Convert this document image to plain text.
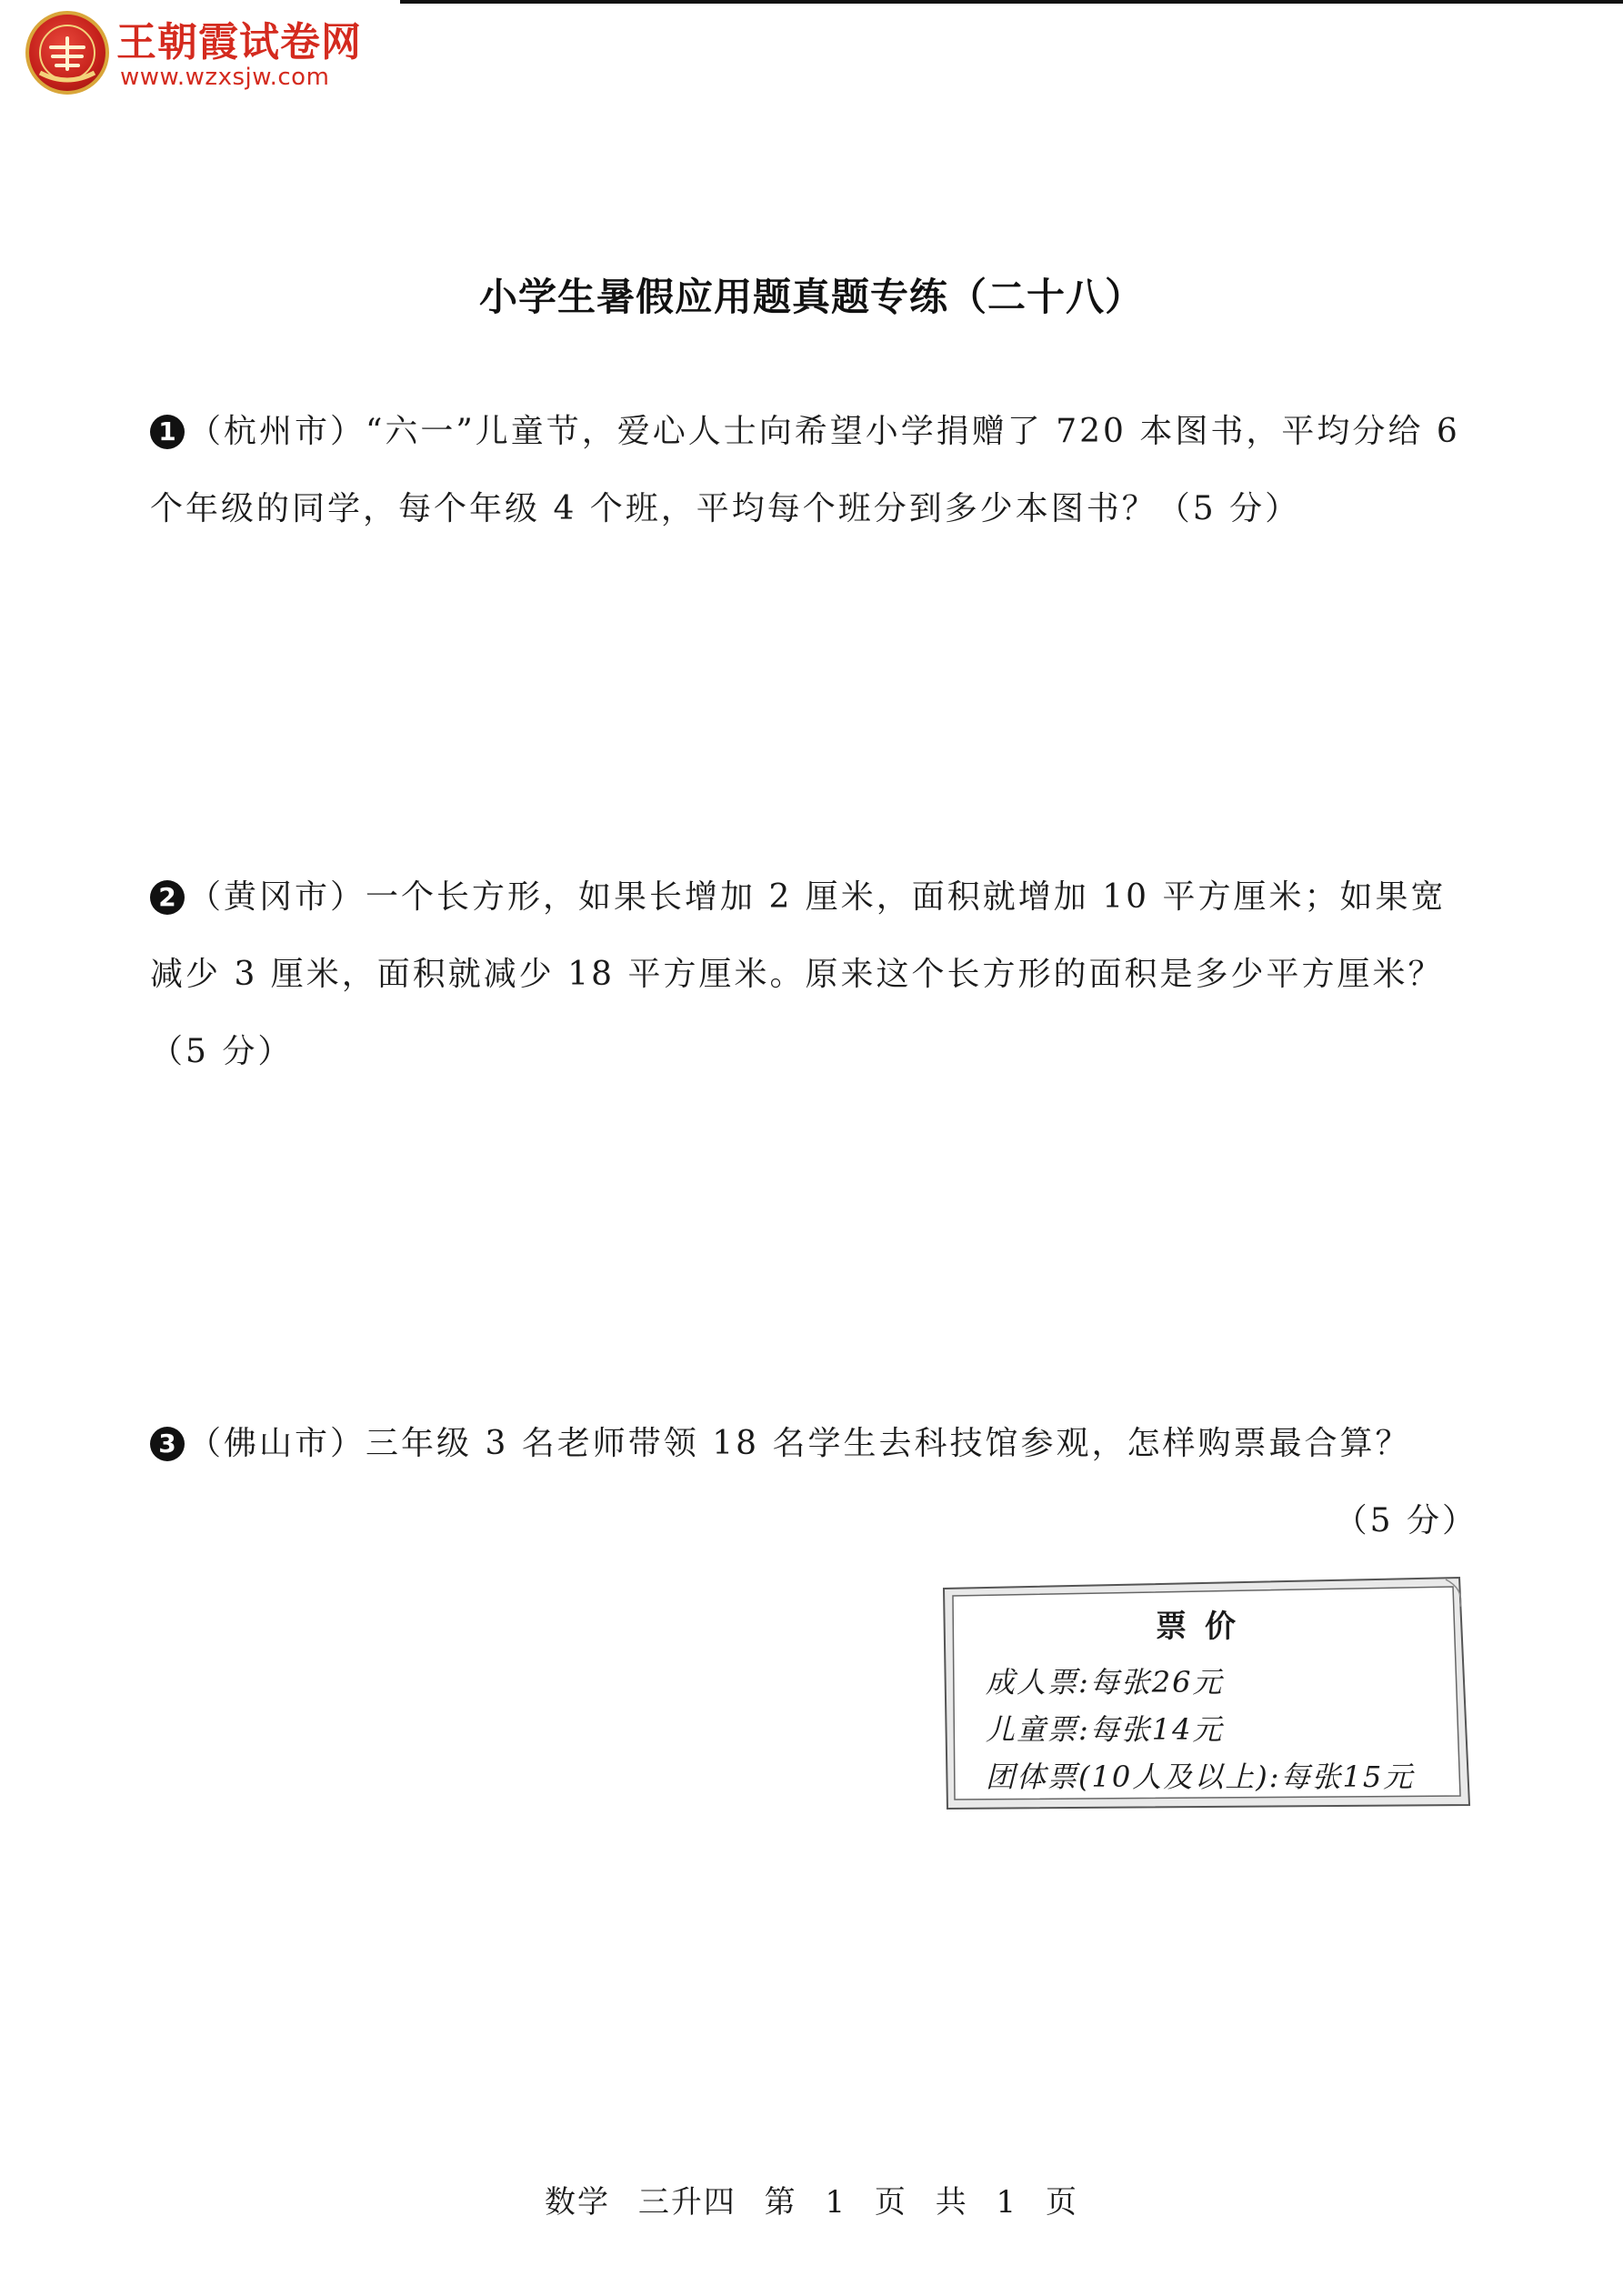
王朝霞试卷网
www.wzxsjw.com
小学生暑假应用题真题专练（二十八）
1 （杭州市）“六一”儿童节，爱心人士向希望小学捐赠了 720 本图书，平均分给 6 个年级的同学，每个年级 4 个班，平均每个班分到多少本图书？（5 分）
2 （黄冈市）一个长方形，如果长增加 2 厘米，面积就增加 10 平方厘米；如果宽减少 3 厘米，面积就减少 18 平方厘米。原来这个长方形的面积是多少平方厘米？（5 分）
3 （佛山市）三年级 3 名老师带领 18 名学生去科技馆参观，怎样购票最合算？
（5 分）
票价
成人票:每张26元
儿童票:每张14元
团体票(10人及以上):每张15元
数学 三升四 第 1 页 共 1 页
